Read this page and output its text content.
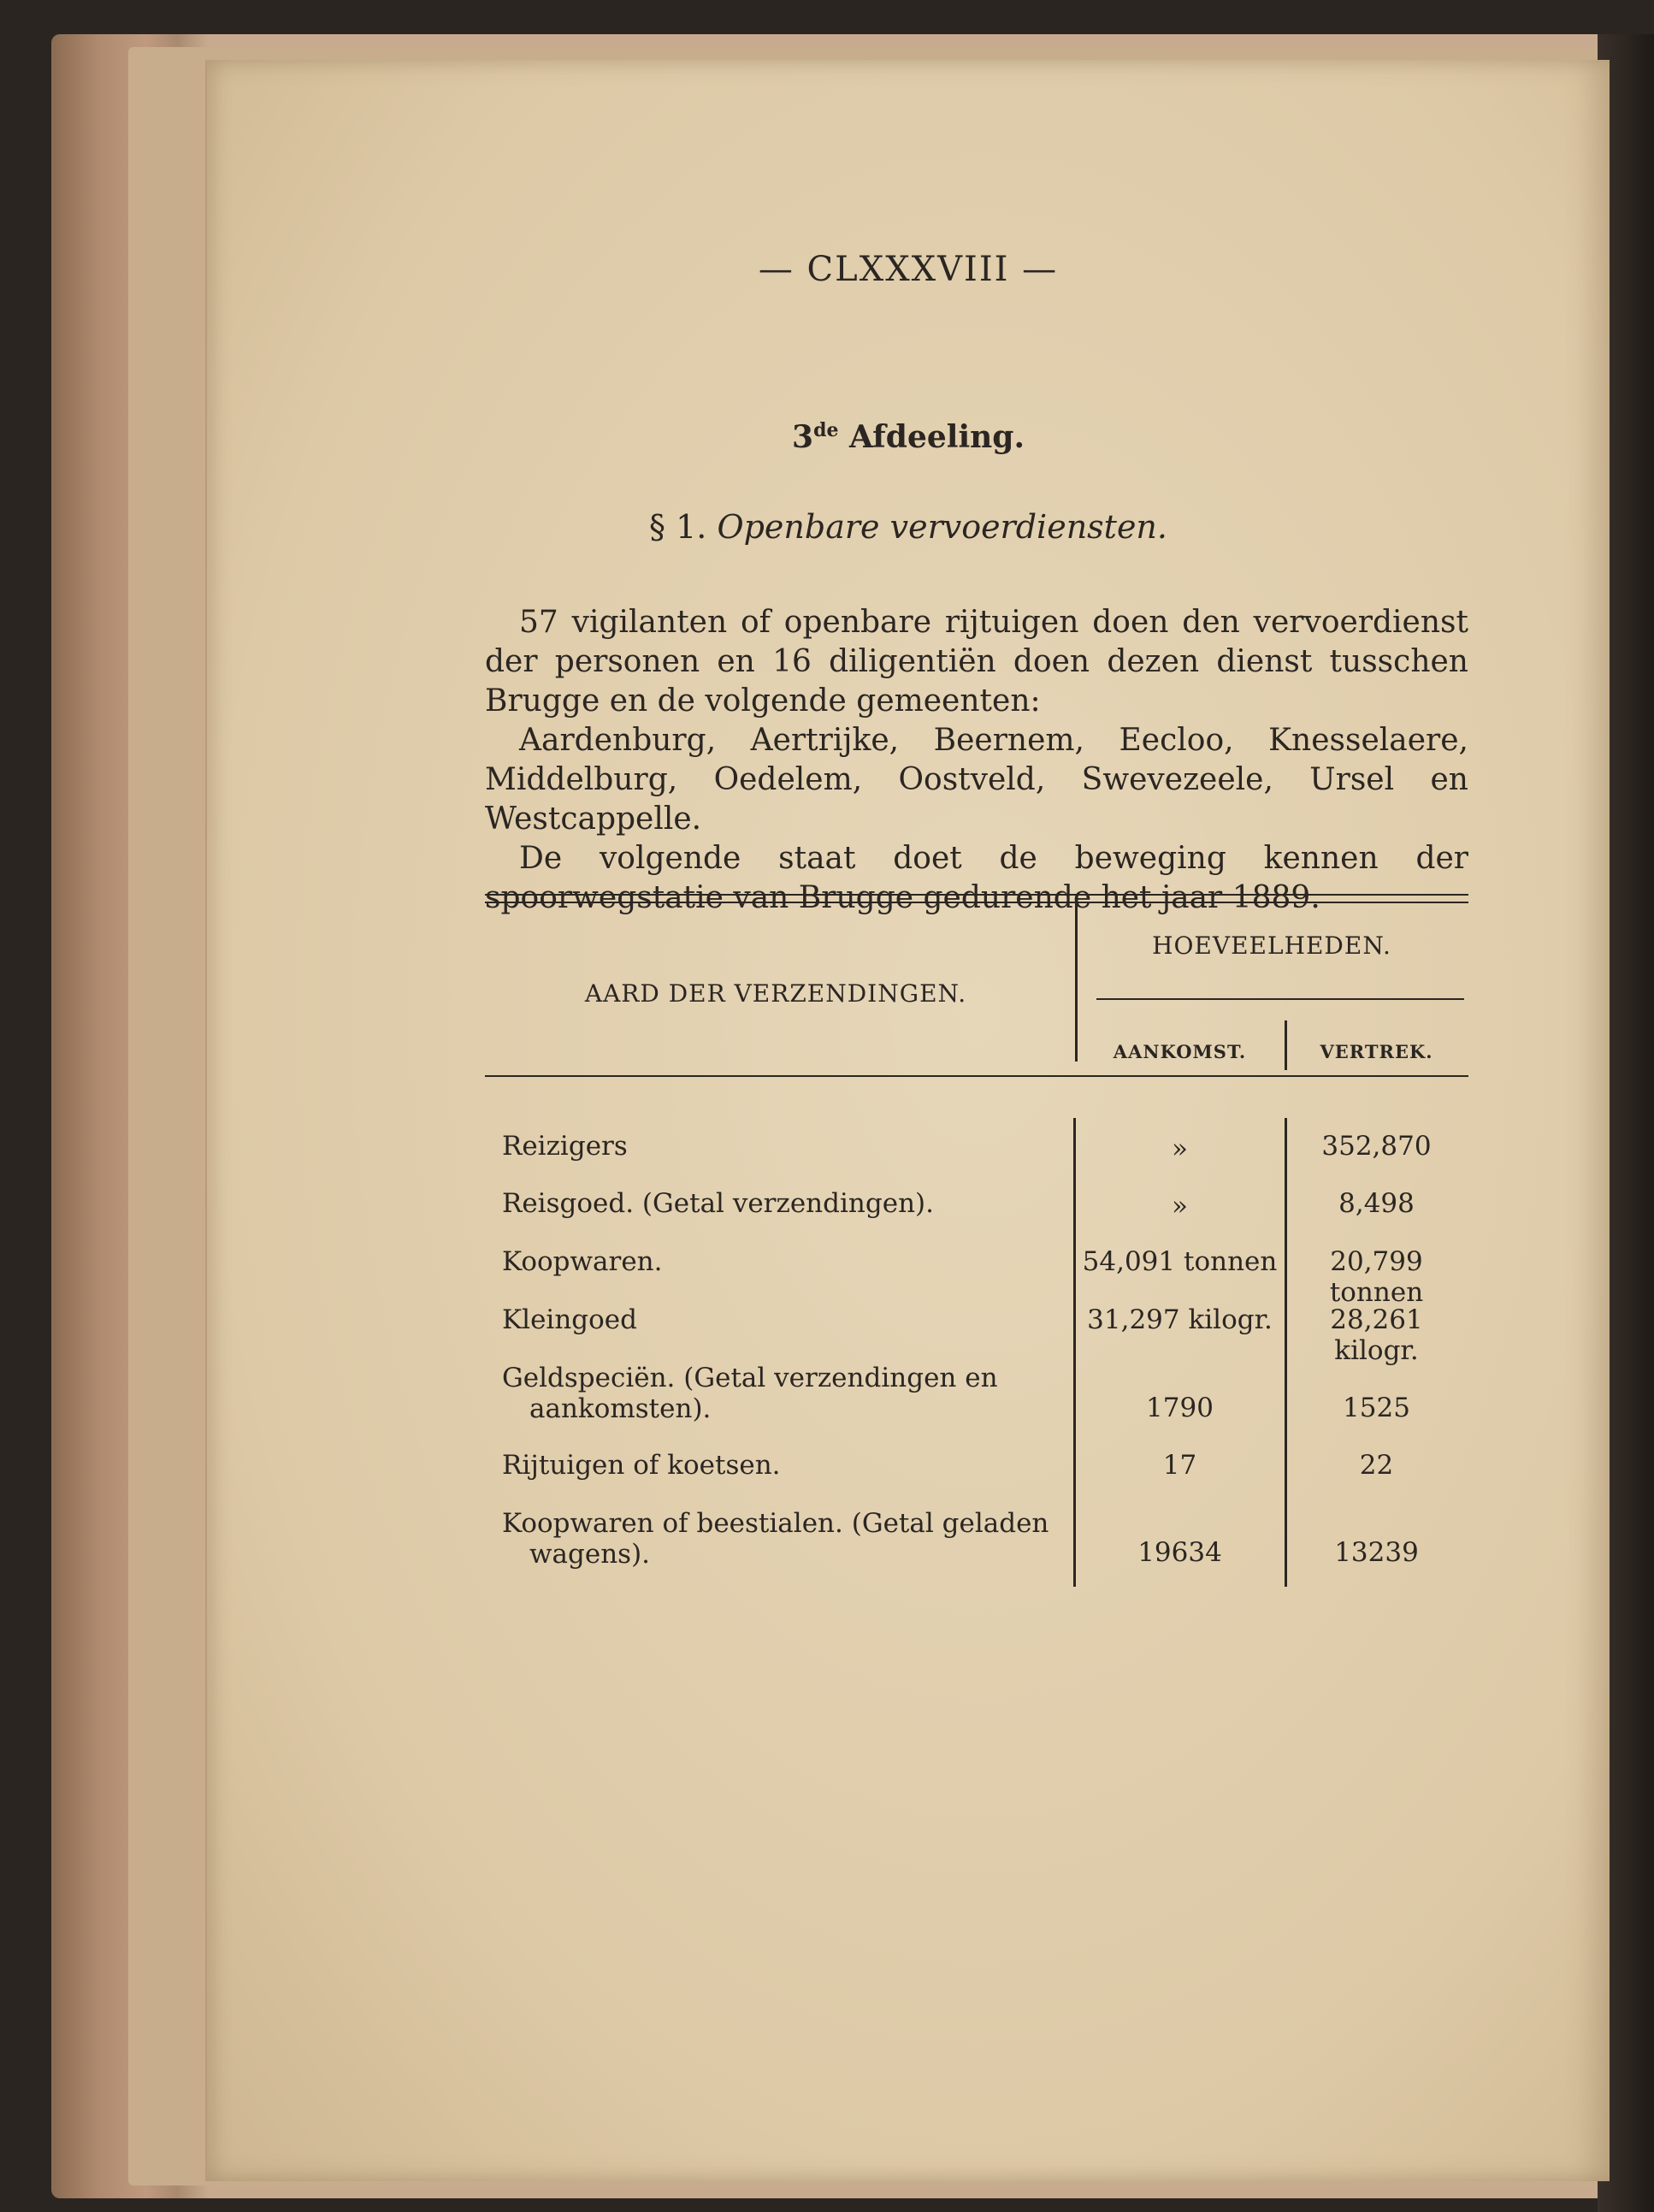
— CLXXXVIII —
3de Afdeeling.
§ 1. Openbare vervoerdiensten.

57 vigilanten of openbare rijtuigen doen den vervoerdienst der personen en 16 diligentiën doen dezen dienst tusschen Brugge en de volgende gemeenten:

Aardenburg, Aertrijke, Beernem, Eecloo, Knesselaere, Middelburg, Oedelem, Oostveld, Swevezeele, Ursel en Westcappelle.

De volgende staat doet de beweging kennen der spoorwegstatie van Brugge gedurende het jaar 1889.

AARD DER VERZENDINGEN.
HOEVEELHEDEN.
AANKOMST.	VERTREK.
Reizigers	»	352,870
Reisgoed. (Getal verzendingen).	»	8,498
Koopwaren.	54,091 tonnen	20,799 tonnen
Kleingoed	31,297 kilogr.	28,261 kilogr.
Geldspeciën. (Getal verzendingen en
aankomsten).	1790	1525
Rijtuigen of koetsen.	17	22
Koopwaren of beestialen. (Getal geladen
wagens).	19634	13239
